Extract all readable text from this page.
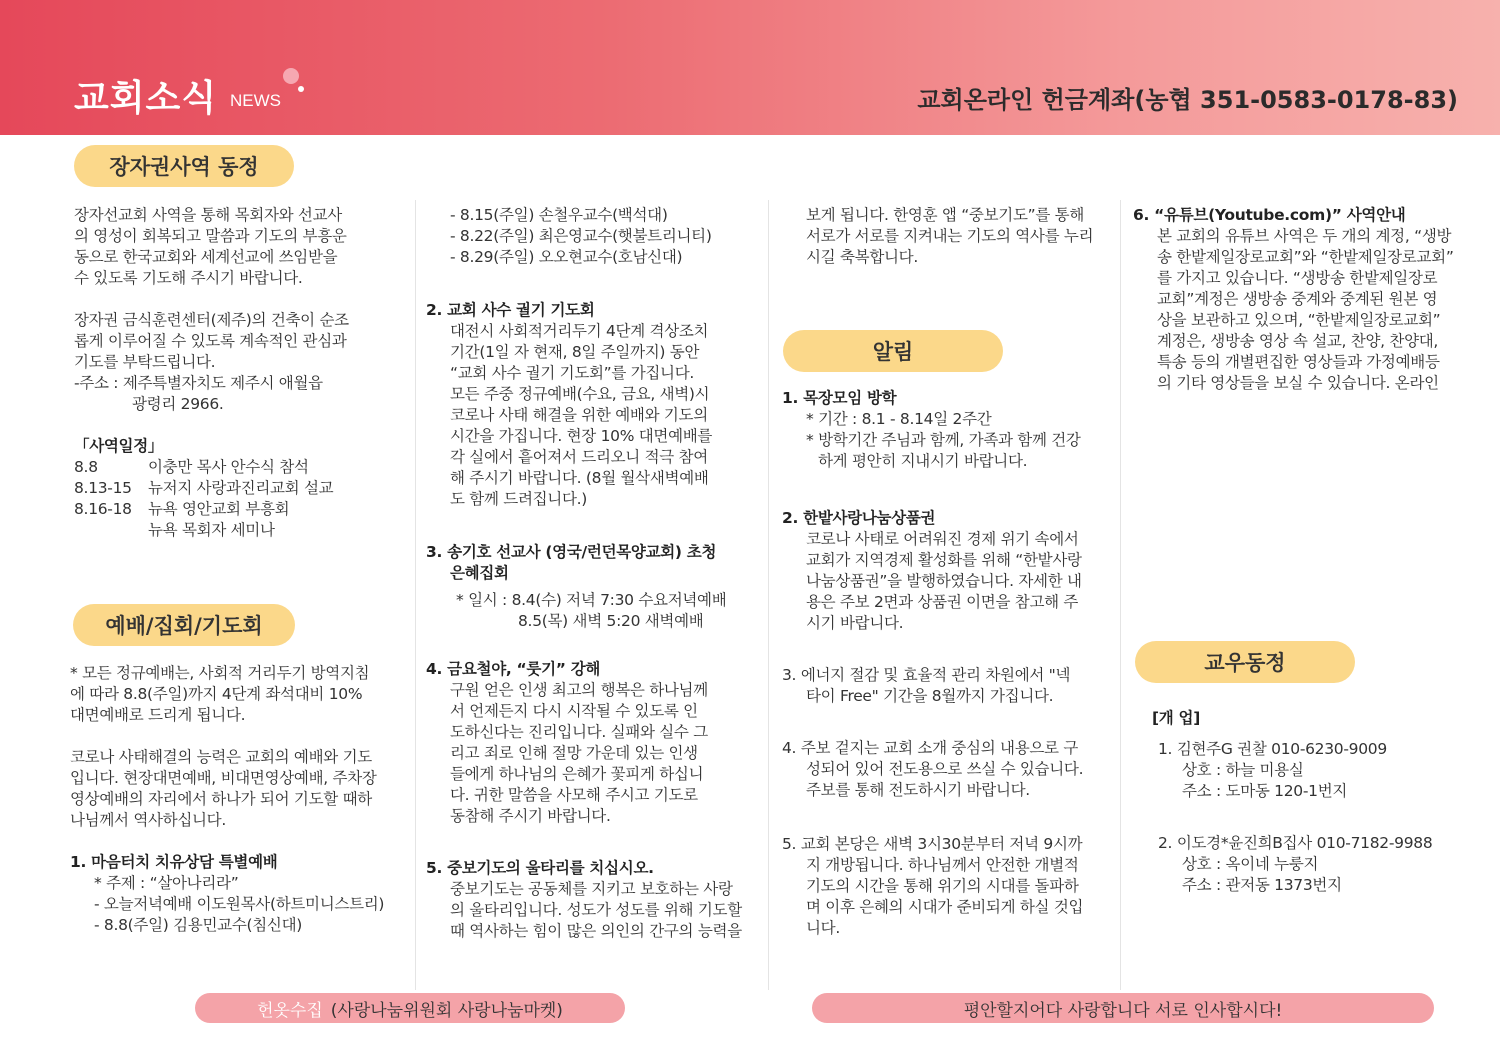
교회소식 NEWS	교회온라인 헌금계좌(농협 351-0583-0178-83)
장자권사역 동정
예배/집회/기도회
알림
교우동정

장자선교회 사역을 통해 목회자와 선교사

의 영성이 회복되고 말씀과 기도의 부흥운

동으로 한국교회와 세계선교에 쓰임받을

수 있도록 기도해 주시기 바랍니다.

장자권 금식훈련센터(제주)의 건축이 순조

롭게 이루어질 수 있도록 계속적인 관심과

기도를 부탁드립니다.

-주소 : 제주특별자치도 제주시 애월읍

광령리 2966.

「사역일정」

8.8	이충만 목사 안수식 참석
8.13-15	뉴저지 사랑과진리교회 설교
8.16-18	뉴욕 영안교회 부흥회
뉴욕 목회자 세미나

* 모든 정규예배는, 사회적 거리두기 방역지침

에 따라 8.8(주일)까지 4단계 좌석대비 10%

대면예배로 드리게 됩니다.

코로나 사태해결의 능력은 교회의 예배와 기도

입니다. 현장대면예배, 비대면영상예배, 주차장

영상예배의 자리에서 하나가 되어 기도할 때하

나님께서 역사하십니다.

1. 마음터치 치유상담 특별예배

* 주제 : “살아나리라”

- 오늘저녁예배 이도원목사(하트미니스트리)

- 8.8(주일) 김용민교수(침신대)

- 8.15(주일) 손철우교수(백석대)

- 8.22(주일) 최은영교수(햇불트리니티)

- 8.29(주일) 오오현교수(호남신대)

2. 교회 사수 궐기 기도회

대전시 사회적거리두기 4단계 격상조치

기간(1일 자 현재, 8일 주일까지) 동안

“교회 사수 궐기 기도회”를 가집니다.

모든 주중 정규예배(수요, 금요, 새벽)시

코로나 사태 해결을 위한 예배와 기도의

시간을 가집니다. 현장 10% 대면예배를

각 실에서 흩어져서 드리오니 적극 참여

해 주시기 바랍니다. (8월 월삭새벽예배

도 함께 드려집니다.)

3. 송기호 선교사 (영국/런던목양교회) 초청

은혜집회

* 일시 : 8.4(수) 저녁 7:30 수요저녁예배

8.5(목) 새벽 5:20 새벽예배

4. 금요철야, “룻기” 강해

구원 얻은 인생 최고의 행복은 하나님께

서 언제든지 다시 시작될 수 있도록 인

도하신다는 진리입니다. 실패와 실수 그

리고 죄로 인해 절망 가운데 있는 인생

들에게 하나님의 은혜가 꽃피게 하십니

다. 귀한 말씀을 사모해 주시고 기도로

동참해 주시기 바랍니다.

5. 중보기도의 울타리를 치십시오.

중보기도는 공동체를 지키고 보호하는 사랑

의 울타리입니다. 성도가 성도를 위해 기도할

때 역사하는 힘이 많은 의인의 간구의 능력을

보게 됩니다. 한영훈 앱 “중보기도”를 통해

서로가 서로를 지켜내는 기도의 역사를 누리

시길 축복합니다.

1. 목장모임 방학

* 기간 : 8.1 - 8.14일 2주간

* 방학기간 주님과 함께, 가족과 함께 건강

하게 평안히 지내시기 바랍니다.

2. 한밭사랑나눔상품권

코로나 사태로 어려워진 경제 위기 속에서

교회가 지역경제 활성화를 위해 “한밭사랑

나눔상품권”을 발행하였습니다. 자세한 내

용은 주보 2면과 상품권 이면을 참고해 주

시기 바랍니다.

3. 에너지 절감 및 효율적 관리 차원에서 "넥

타이 Free" 기간을 8월까지 가집니다.

4. 주보 겉지는 교회 소개 중심의 내용으로 구

성되어 있어 전도용으로 쓰실 수 있습니다.

주보를 통해 전도하시기 바랍니다.

5. 교회 본당은 새벽 3시30분부터 저녁 9시까

지 개방됩니다. 하나님께서 안전한 개별적

기도의 시간을 통해 위기의 시대를 돌파하

며 이후 은혜의 시대가 준비되게 하실 것입

니다.

6. “유튜브(Youtube.com)” 사역안내

본 교회의 유튜브 사역은 두 개의 계정, “생방

송 한밭제일장로교회”와 “한밭제일장로교회”

를 가지고 있습니다. “생방송 한밭제일장로

교회”계정은 생방송 중계와 중계된 원본 영

상을 보관하고 있으며, “한밭제일장로교회”

계정은, 생방송 영상 속 설교, 찬양, 찬양대,

특송 등의 개별편집한 영상들과 가정예배등

의 기타 영상들을 보실 수 있습니다. 온라인

[개 업]

1. 김현주G 권찰 010-6230-9009

상호 : 하늘 미용실

주소 : 도마동 120-1번지

2. 이도경*윤진희B집사 010-7182-9988

상호 : 옥이네 누룽지

주소 : 관저동 1373번지

헌옷수집 (사랑나눔위원회 사랑나눔마켓)	평안할지어다 사랑합니다 서로 인사합시다!
